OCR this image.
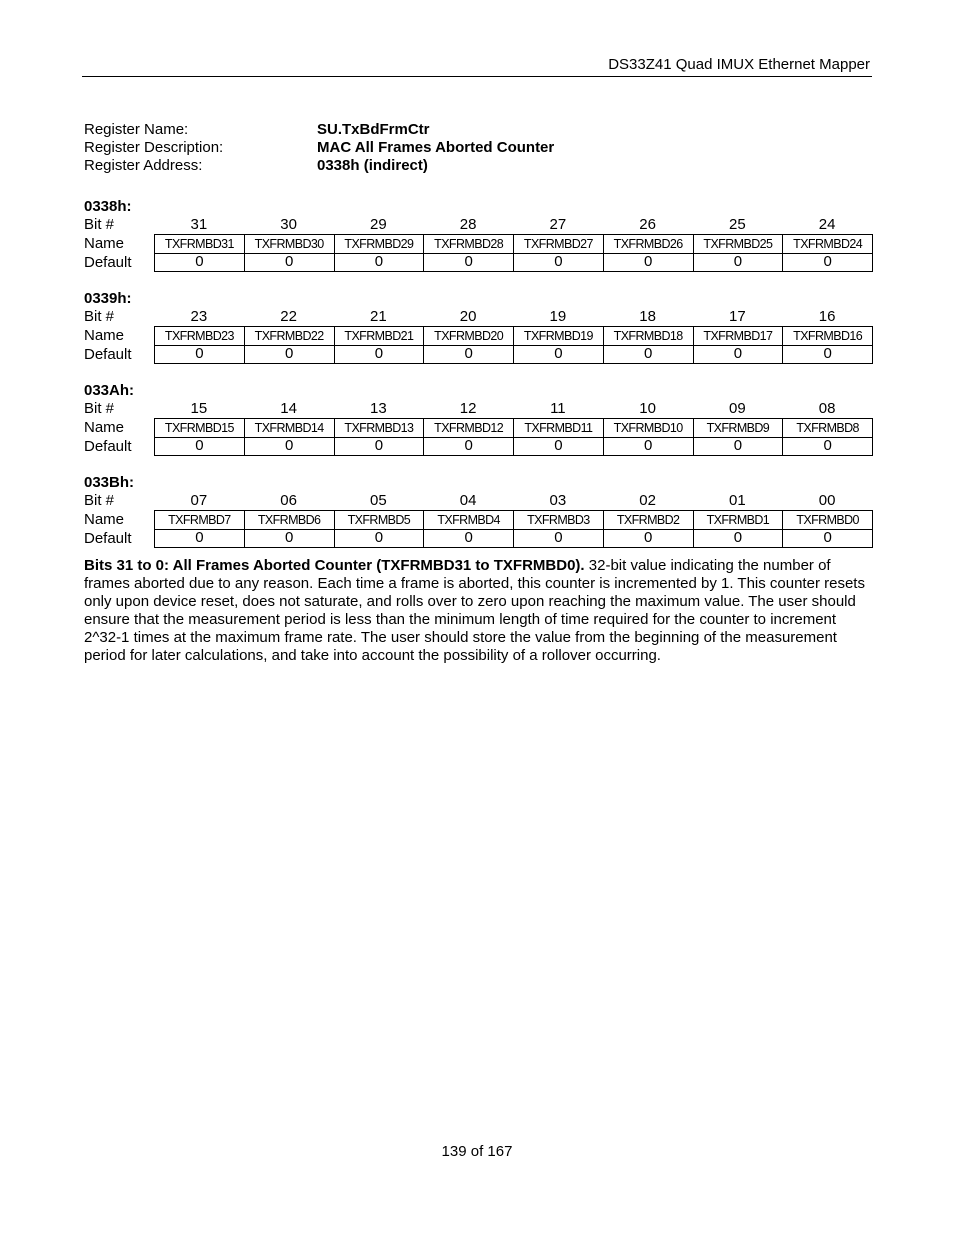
DS33Z41 Quad IMUX Ethernet Mapper
Register Name:	SU.TxBdFrmCtr
Register Description:	MAC All Frames Aborted Counter
Register Address:	0338h (indirect)
0338h:
Bit #	31	30	29	28	27	26	25	24
Name	TXFRMBD31	TXFRMBD30	TXFRMBD29	TXFRMBD28	TXFRMBD27	TXFRMBD26	TXFRMBD25	TXFRMBD24
Default	0	0	0	0	0	0	0	0
0339h:
Bit #	23	22	21	20	19	18	17	16
Name	TXFRMBD23	TXFRMBD22	TXFRMBD21	TXFRMBD20	TXFRMBD19	TXFRMBD18	TXFRMBD17	TXFRMBD16
Default	0	0	0	0	0	0	0	0
033Ah:
Bit #	15	14	13	12	11	10	09	08
Name	TXFRMBD15	TXFRMBD14	TXFRMBD13	TXFRMBD12	TXFRMBD11	TXFRMBD10	TXFRMBD9	TXFRMBD8
Default	0	0	0	0	0	0	0	0
033Bh:
Bit #	07	06	05	04	03	02	01	00
Name	TXFRMBD7	TXFRMBD6	TXFRMBD5	TXFRMBD4	TXFRMBD3	TXFRMBD2	TXFRMBD1	TXFRMBD0
Default	0	0	0	0	0	0	0	0
Bits 31 to 0: All Frames Aborted Counter (TXFRMBD31 to TXFRMBD0). 32-bit value indicating the number of frames aborted due to any reason. Each time a frame is aborted, this counter is incremented by 1. This counter resets only upon device reset, does not saturate, and rolls over to zero upon reaching the maximum value. The user should ensure that the measurement period is less than the minimum length of time required for the counter to increment 2^32-1 times at the maximum frame rate. The user should store the value from the beginning of the measurement period for later calculations, and take into account the possibility of a rollover occurring.
139 of 167
